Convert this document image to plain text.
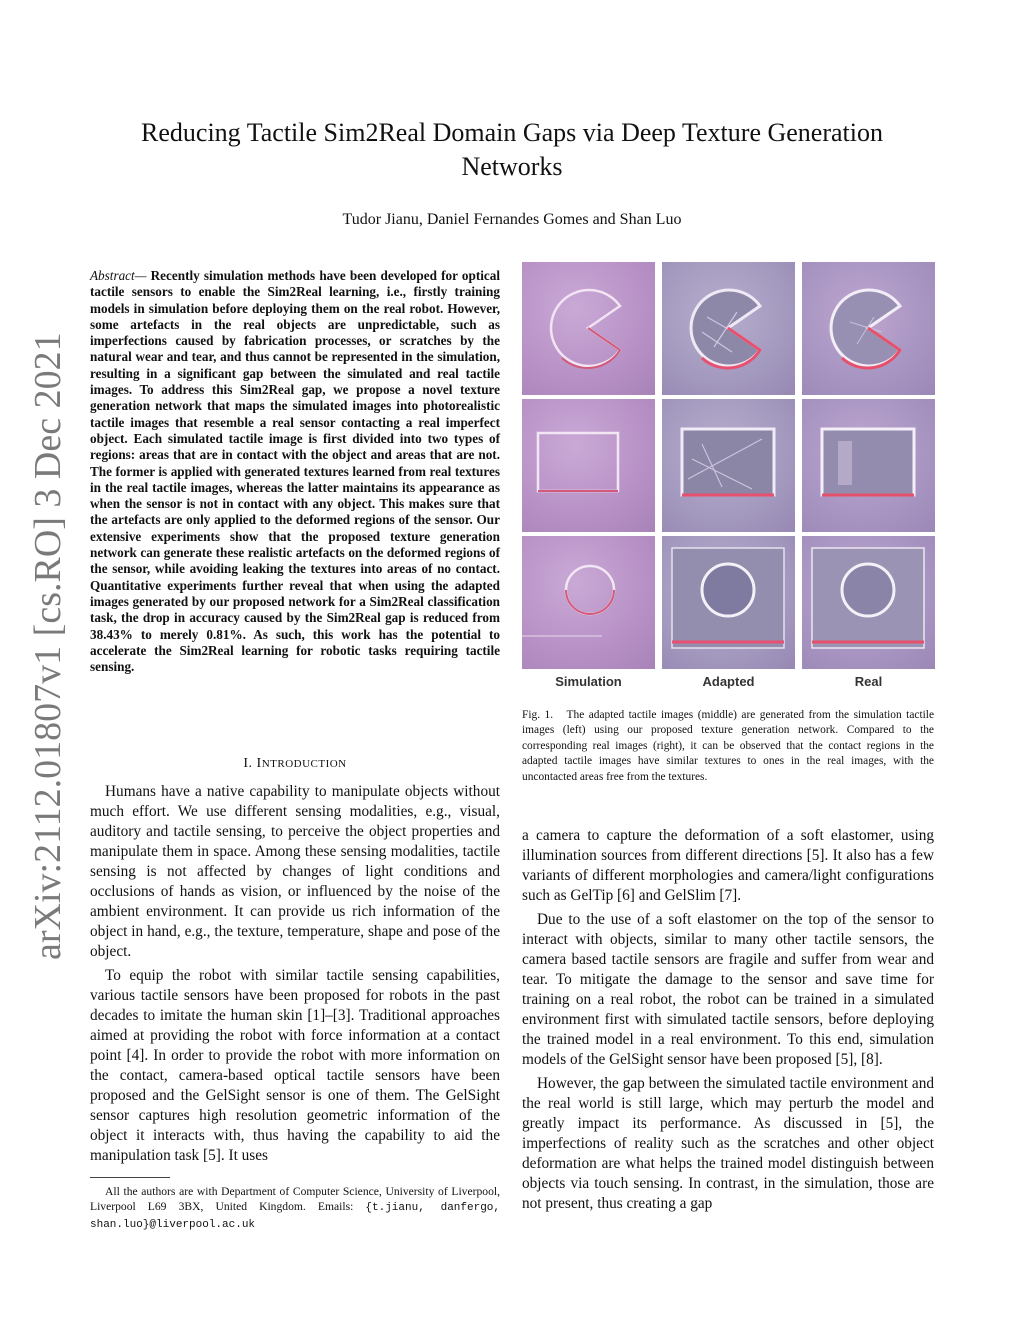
arXiv:2112.01807v1 [cs.RO] 3 Dec 2021
Reducing Tactile Sim2Real Domain Gaps via Deep Texture Generation Networks
Tudor Jianu, Daniel Fernandes Gomes and Shan Luo
Abstract— Recently simulation methods have been developed for optical tactile sensors to enable the Sim2Real learning, i.e., firstly training models in simulation before deploying them on the real robot. However, some artefacts in the real objects are unpredictable, such as imperfections caused by fabrication processes, or scratches by the natural wear and tear, and thus cannot be represented in the simulation, resulting in a significant gap between the simulated and real tactile images. To address this Sim2Real gap, we propose a novel texture generation network that maps the simulated images into photorealistic tactile images that resemble a real sensor contacting a real imperfect object. Each simulated tactile image is first divided into two types of regions: areas that are in contact with the object and areas that are not. The former is applied with generated textures learned from real textures in the real tactile images, whereas the latter maintains its appearance as when the sensor is not in contact with any object. This makes sure that the artefacts are only applied to the deformed regions of the sensor. Our extensive experiments show that the proposed texture generation network can generate these realistic artefacts on the deformed regions of the sensor, while avoiding leaking the textures into areas of no contact. Quantitative experiments further reveal that when using the adapted images generated by our proposed network for a Sim2Real classification task, the drop in accuracy caused by the Sim2Real gap is reduced from 38.43% to merely 0.81%. As such, this work has the potential to accelerate the Sim2Real learning for robotic tasks requiring tactile sensing.
I. INTRODUCTION

Humans have a native capability to manipulate objects without much effort. We use different sensing modalities, e.g., visual, auditory and tactile sensing, to perceive the object properties and manipulate them in space. Among these sensing modalities, tactile sensing is not affected by changes of light conditions and occlusions of hands as vision, or influenced by the noise of the ambient environment. It can provide us rich information of the object in hand, e.g., the texture, temperature, shape and pose of the object.

To equip the robot with similar tactile sensing capabilities, various tactile sensors have been proposed for robots in the past decades to imitate the human skin [1]–[3]. Traditional approaches aimed at providing the robot with force information at a contact point [4]. In order to provide the robot with more information on the contact, camera-based optical tactile sensors have been proposed and the GelSight sensor is one of them. The GelSight sensor captures high resolution geometric information of the object it interacts with, thus having the capability to aid the manipulation task [5]. It uses

All the authors are with Department of Computer Science, University of Liverpool, Liverpool L69 3BX, United Kingdom. Emails: {t.jianu, danfergo, shan.luo}@liverpool.ac.uk
Simulation	Adapted	Real
Fig. 1. The adapted tactile images (middle) are generated from the simulation tactile images (left) using our proposed texture generation network. Compared to the corresponding real images (right), it can be observed that the contact regions in the adapted tactile images have similar textures to ones in the real images, with the uncontacted areas free from the textures.

a camera to capture the deformation of a soft elastomer, using illumination sources from different directions [5]. It also has a few variants of different morphologies and camera/light configurations such as GelTip [6] and GelSlim [7].

Due to the use of a soft elastomer on the top of the sensor to interact with objects, similar to many other tactile sensors, the camera based tactile sensors are fragile and suffer from wear and tear. To mitigate the damage to the sensor and save time for training on a real robot, the robot can be trained in a simulated environment first with simulated tactile sensors, before deploying the trained model in a real environment. To this end, simulation models of the GelSight sensor have been proposed [5], [8].

However, the gap between the simulated tactile environment and the real world is still large, which may perturb the model and greatly impact its performance. As discussed in [5], the imperfections of reality such as the scratches and other object deformation are what helps the trained model distinguish between objects via touch sensing. In contrast, in the simulation, those are not present, thus creating a gap
